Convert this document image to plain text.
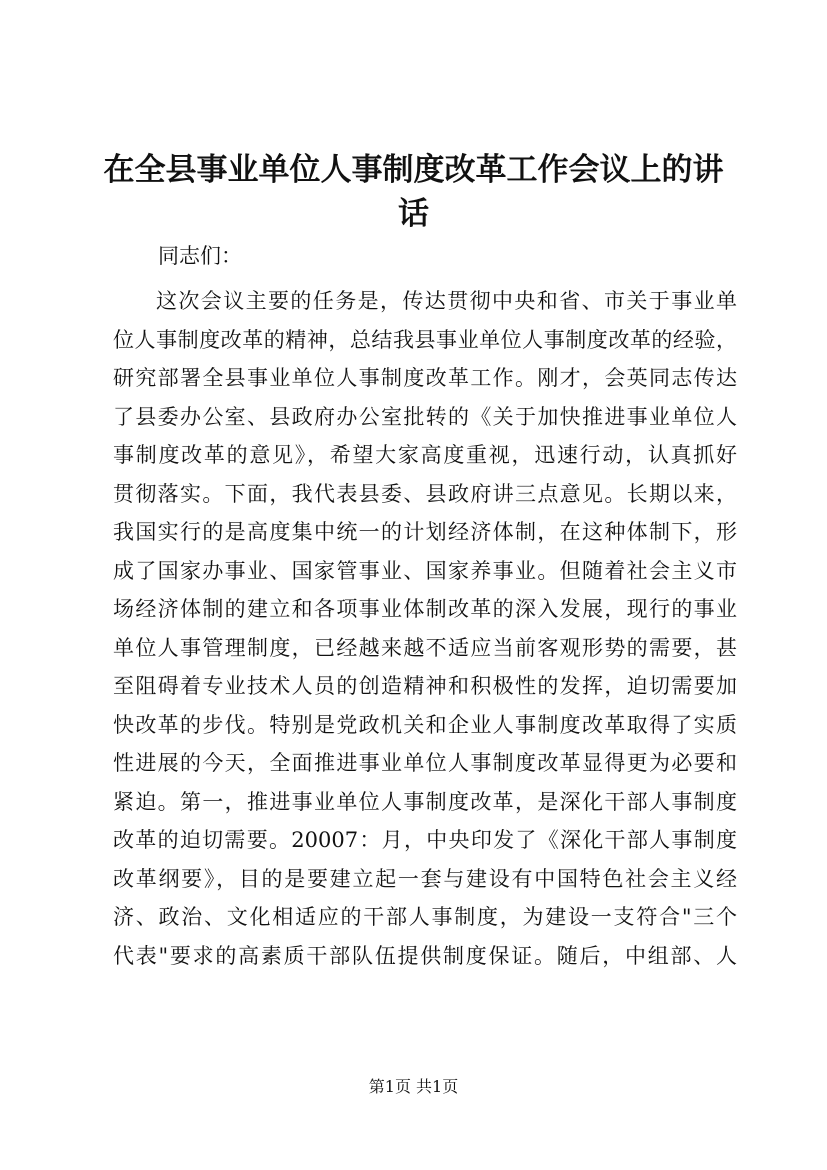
在全县事业单位人事制度改革工作会议上的讲
话
同志们：
这次会议主要的任务是，传达贯彻中央和省、市关于事业单
位人事制度改革的精神，总结我县事业单位人事制度改革的经验，
研究部署全县事业单位人事制度改革工作。刚才，会英同志传达
了县委办公室、县政府办公室批转的《关于加快推进事业单位人
事制度改革的意见》，希望大家高度重视，迅速行动，认真抓好
贯彻落实。下面，我代表县委、县政府讲三点意见。长期以来，
我国实行的是高度集中统一的计划经济体制，在这种体制下，形
成了国家办事业、国家管事业、国家养事业。但随着社会主义市
场经济体制的建立和各项事业体制改革的深入发展，现行的事业
单位人事管理制度，已经越来越不适应当前客观形势的需要，甚
至阻碍着专业技术人员的创造精神和积极性的发挥，迫切需要加
快改革的步伐。特别是党政机关和企业人事制度改革取得了实质
性进展的今天，全面推进事业单位人事制度改革显得更为必要和
紧迫。第一，推进事业单位人事制度改革，是深化干部人事制度
改革的迫切需要。20007：月，中央印发了《深化干部人事制度
改革纲要》，目的是要建立起一套与建设有中国特色社会主义经
济、政治、文化相适应的干部人事制度，为建设一支符合"三个
代表"要求的高素质干部队伍提供制度保证。随后，中组部、人
第1页 共1页
